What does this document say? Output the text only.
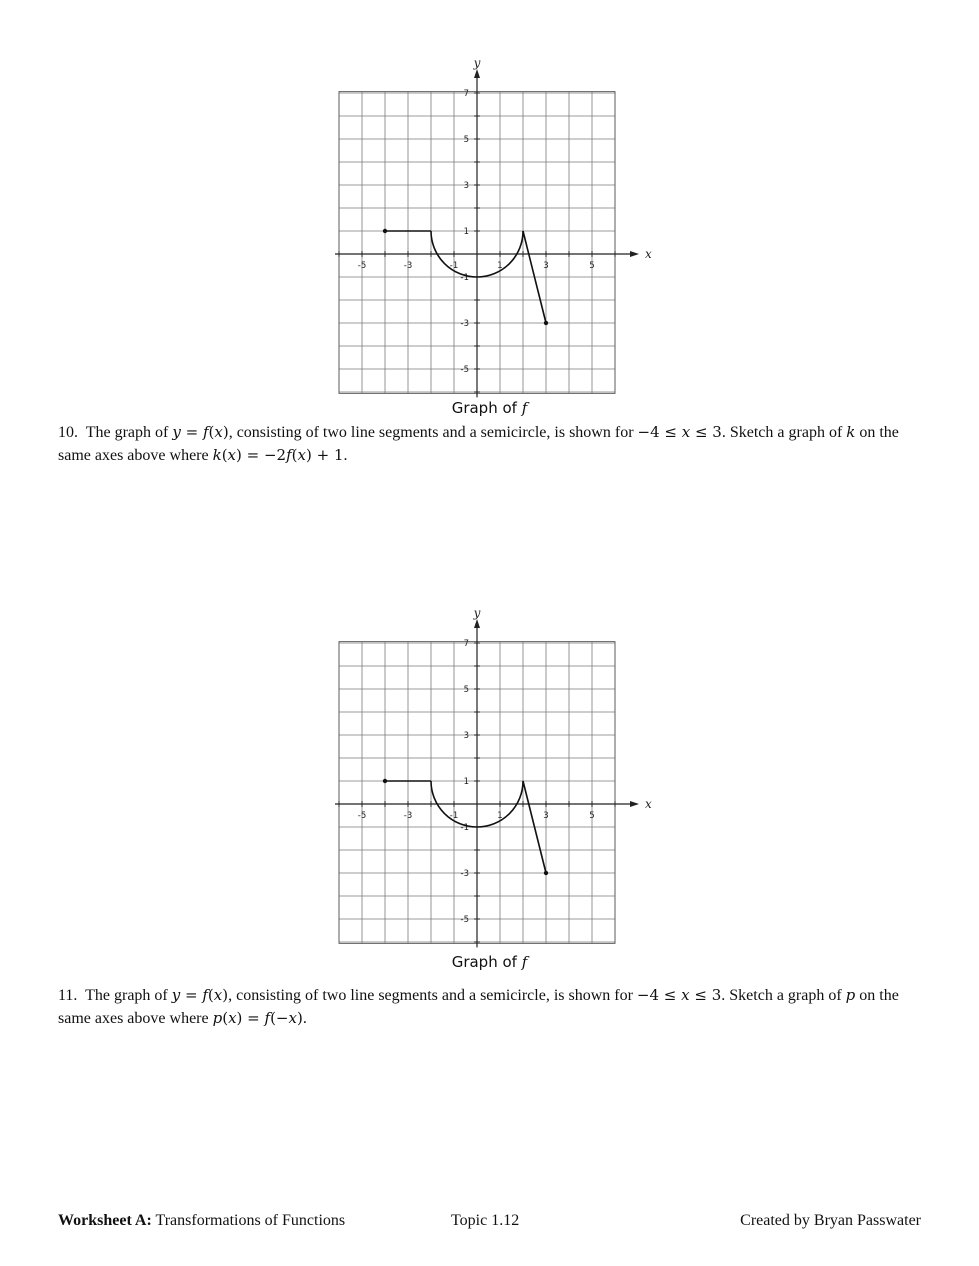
-5	-3	-1	1	3	5
7
5
3
1
-1
-3
-5
x
y
Graph of f
10. The graph of y = f(x), consisting of two line segments and a semicircle, is shown for −4 ≤ x ≤ 3. Sketch a graph of k on the same axes above where k(x) = −2f(x) + 1.
-5	-3	-1	1	3	5
7
5
3
1
-1
-3
-5
x
y
Graph of f
11. The graph of y = f(x), consisting of two line segments and a semicircle, is shown for −4 ≤ x ≤ 3. Sketch a graph of p on the same axes above where p(x) = f(−x).
Worksheet A: Transformations of Functions	Topic 1.12	Created by Bryan Passwater
